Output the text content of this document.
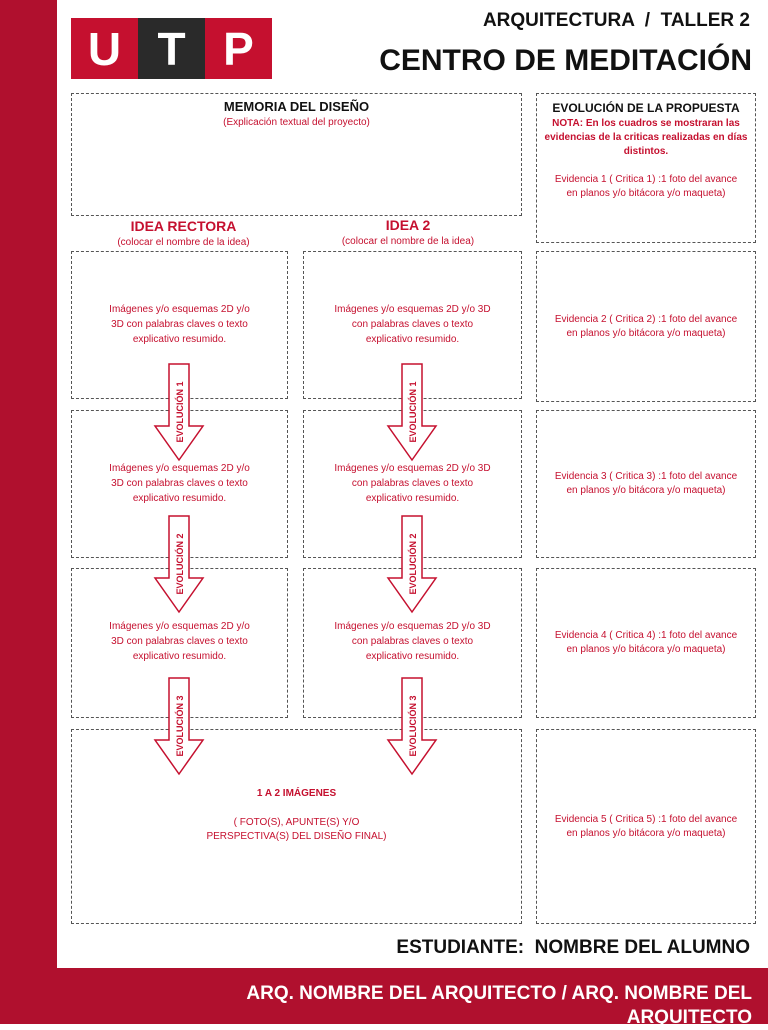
ARQ. NOMBRE DEL ARQUITECTO / ARQ. NOMBRE DEL ARQUITECTO
U T P
ARQUITECTURA  /  TALLER 2
CENTRO DE MEDITACIÓN
MEMORIA DEL DISEÑO
(Explicación textual del proyecto)
EVOLUCIÓN DE LA PROPUESTA
NOTA: En los cuadros se mostraran las evidencias de la criticas realizadas en días distintos.
Evidencia 1 ( Critica 1) :1 foto del avance en planos y/o bitácora y/o maqueta)
IDEA RECTORA
(colocar el nombre de la idea)
IDEA 2
(colocar el nombre de la idea)
Imágenes y/o esquemas 2D y/o 3D con palabras claves o texto explicativo resumido.
Imágenes y/o esquemas 2D y/o 3D con palabras claves o texto explicativo resumido.
Imágenes y/o esquemas 2D y/o 3D con palabras claves o texto explicativo resumido.
Imágenes y/o esquemas 2D y/o 3D con palabras claves o texto explicativo resumido.
Imágenes y/o esquemas 2D y/o 3D con palabras claves o texto explicativo resumido.
Imágenes y/o esquemas 2D y/o 3D con palabras claves o texto explicativo resumido.
1 A 2 IMÁGENES
( FOTO(S), APUNTE(S) Y/O PERSPECTIVA(S) DEL DISEÑO FINAL)
Evidencia 2 ( Critica 2) :1 foto del avance en planos y/o bitácora y/o maqueta)
Evidencia 3 ( Critica 3) :1 foto del avance en planos y/o bitácora y/o maqueta)
Evidencia 4 ( Critica 4) :1 foto del avance en planos y/o bitácora y/o maqueta)
Evidencia 5 ( Critica 5) :1 foto del avance en planos y/o bitácora y/o maqueta)
EVOLUCIÓN 1	EVOLUCIÓN 1
EVOLUCIÓN 2	EVOLUCIÓN 2
EVOLUCIÓN 3	EVOLUCIÓN 3
ESTUDIANTE:  NOMBRE DEL ALUMNO
